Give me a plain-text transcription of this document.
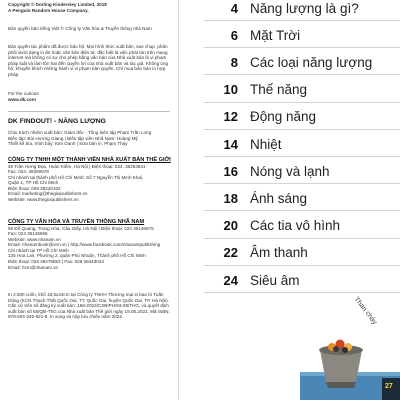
Copyright © Dorling Kindersley Limited, 2018
A Penguin Random House Company.
Bản quyền bản tiếng Việt © Công ty Văn hóa & Truyền thông nhà Nam
Bản quyền tác phẩm đã được bảo hộ. Mọi hình thức xuất bản, sao chụp, phân phối dưới dạng in ấn hoặc văn bản điện tử, đặc biệt là việc phát tán trên mạng internet mà không có sự cho phép bằng văn bản của Nhà xuất bản là vi phạm pháp luật và làm tổn hại đến quyền lợi của nhà xuất bản và tác giả. Không ủng hộ, khuyến khích những hành vi vi phạm bản quyền. Chỉ mua bán bản in hợp pháp.
For the curious
www.dk.com
DK FINDOUT! - NĂNG LƯỢNG
Chịu trách nhiệm xuất bản: Giám đốc - Tổng biên tập Phạm Trần Long
Biên tập: Bùi Hương Giang | Biên tập viên Nhã Nam: Hoàng Mỹ
Thiết kế bìa, trình bày: Kim Oanh | Sửa bản in: Phạm Thúy
CÔNG TY TNHH MỘT THÀNH VIÊN NHÀ XUẤT BẢN THẾ GIỚI
46 Trần Hưng Đạo, Hoàn Kiếm, Hà Nội | Điện thoại: 024. 38253841
Fax: 024. 38369578
Chi nhánh tại thành phố Hồ Chí Minh: Số 7 Nguyễn Thị Minh Khai,
Quận 1, TP Hồ Chí Minh
Điện thoại: 028 38220102
Email: marketing@thegioipublishers.vn
Website: www.thegioipublishers.vn
CÔNG TY VĂN HÓA VÀ TRUYỀN THÔNG NHÃ NAM
59 Đỗ Quang, Trung Hòa, Cầu Giấy, Hà Nội | Điện thoại: 024 35146875
Fax: 024 35146965
Website: www.nhanam.vn
Email: nhanambook@vnn.vn | http://www.facebook.com/nhanampublishing
Chi nhánh tại TP Hồ Chí Minh
135 Hoa Lan, Phường 2, quận Phú Nhuận, Thành phố Hồ Chí Minh
Điện thoại: 028 38479853 | Fax: 028 38443034
Email: hcm@nhanam.vn
In 2.500 cuốn, khổ 18,5x24cm tại Công ty TNHH Thương mại in bao bì Tuấn Dũng (KCN Thạch Thất Quốc Oai, TT. Quốc Oai, huyện Quốc Oai, TP. Hà Nội). Căn cứ trên số đăng ký xuất bản: 156-2022/CXBIPH/93-08/THG, và quyết định xuất bản số 55/QĐ-ThG của Nhà xuất bản Thế giới ngày 19.05.2022. Mã ISBN: 978-604-345-621-9. In xong và nộp lưu chiểu năm 2022.
4 Năng lượng là gì?
6 Mặt Trời
8 Các loại năng lượng
10 Thế năng
12 Động năng
14 Nhiệt
16 Nóng và lạnh
18 Ánh sáng
20 Các tia vô hình
22 Âm thanh
24 Siêu âm
27
Than cháy
